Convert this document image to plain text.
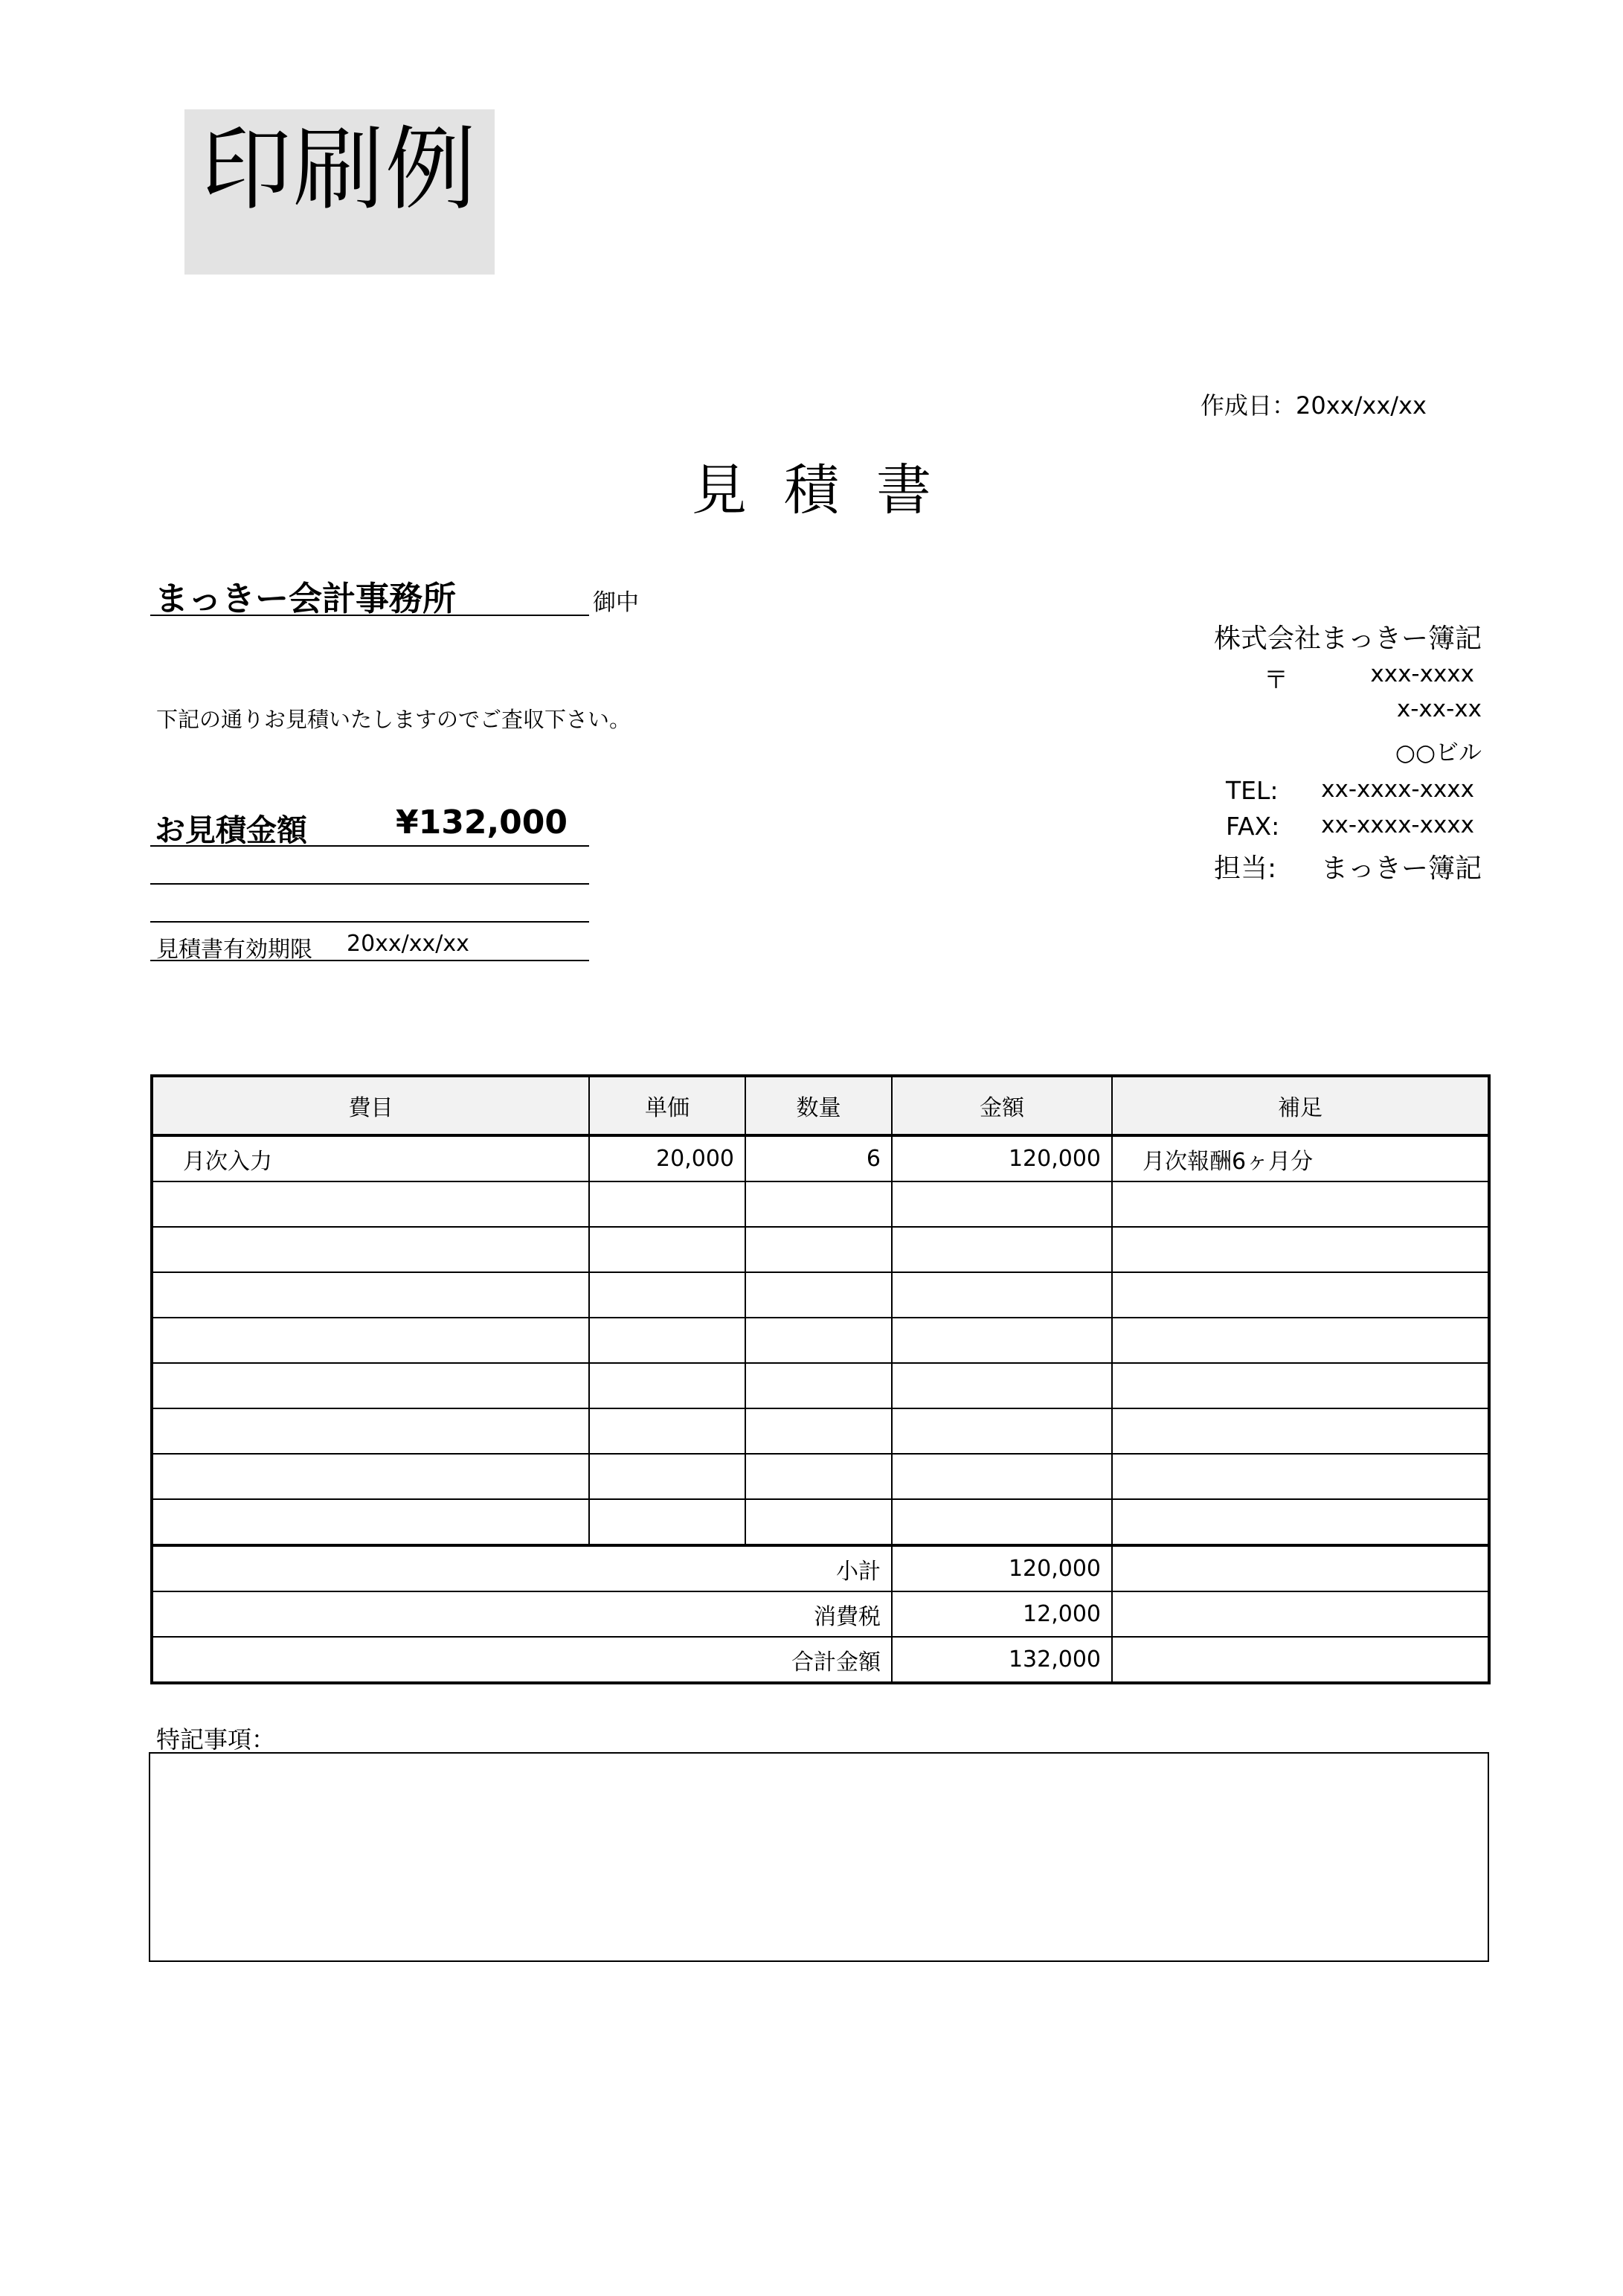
印刷例
作成日：20xx/xx/xx
見積書
まっきー会計事務所	御中
下記の通りお見積いたしますのでご査収下さい。
お見積金額	¥132,000
見積書有効期限 20xx/xx/xx
株式会社まっきー簿記
〒	xxx-xxxx
x-xx-xx
○○ビル
TEL: xx-xxxx-xxxx
FAX: xx-xxxx-xxxx
担当: まっきー簿記
費目	単価	数量	金額	補足
月次入力	20,000	6	120,000	月次報酬6ヶ月分

小計			120,000	
消費税			12,000	
合計金額			132,000	
特記事項：
